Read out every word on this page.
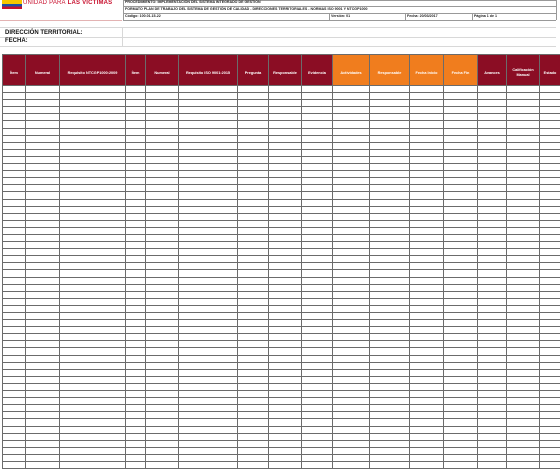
UNIDAD PARA LAS VÍCTIMAS	PROCEDIMIENTO: IMPLEMENTACIÓN DEL SISTEMA INTEGRADO DE GESTIÓN
FORMATO PLAN DE TRABAJO DEL SISTEMA DE GESTIÓN DE CALIDAD - DIRECCIONES TERRITORIALES - NORMAS ISO 9001 Y NTCGP1000
Código: 100.01.15-22	Versión: 01	Fecha: 20/03/2017	Página 1 de 1
DIRECCIÓN TERRITORIAL:
FECHA:
Ítem	Numeral	Requisito NTCGP1000:2009	Ítem	Numeral	Requisito ISO 9001:2015	Pregunta	Responsable	Evidencia	Actividades	Responsable	Fecha Inicio	Fecha Fin	Avances	Calificación Manual	Estado
